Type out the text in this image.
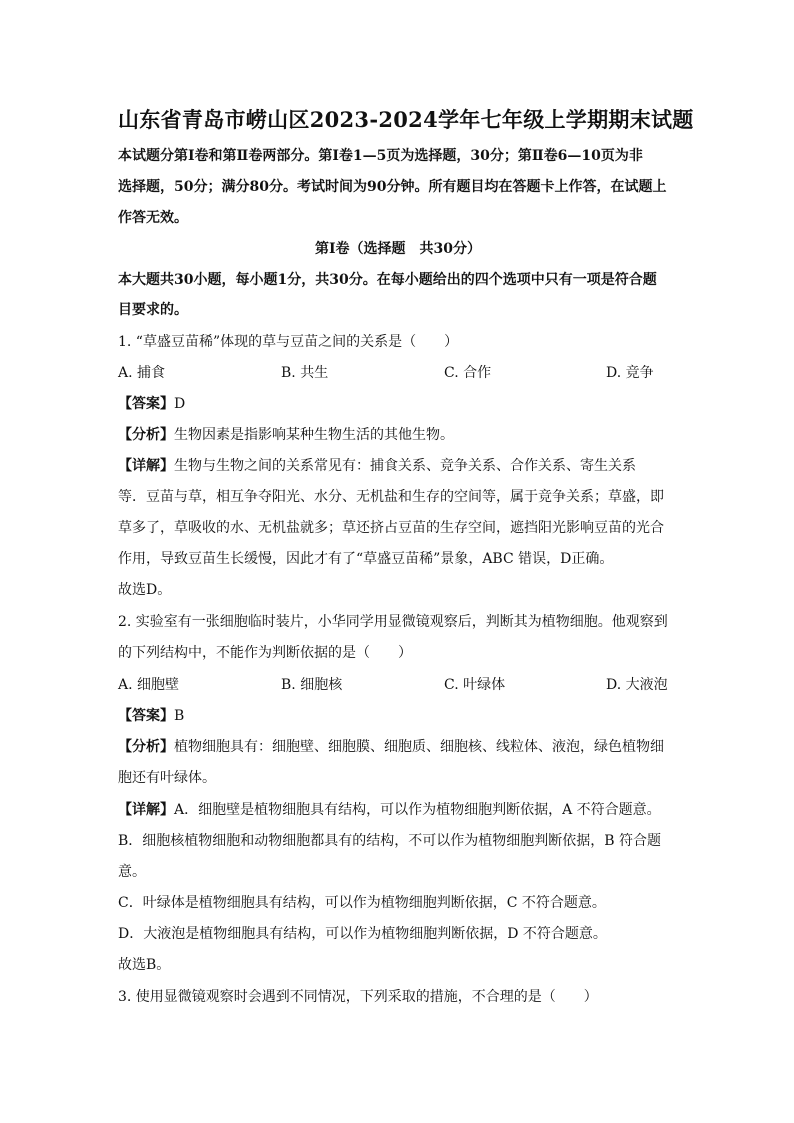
山东省青岛市崂山区2023-2024学年七年级上学期期末试题
本试题分第Ⅰ卷和第Ⅱ卷两部分。第Ⅰ卷1—5页为选择题，30分；第Ⅱ卷6—10页为非
选择题，50分；满分80分。考试时间为90分钟。所有题目均在答题卡上作答，在试题上
作答无效。
第Ⅰ卷（选择题　共30分）
本大题共30小题，每小题1分，共30分。在每小题给出的四个选项中只有一项是符合题
目要求的。
1. “草盛豆苗稀”体现的草与豆苗之间的关系是（　　）
A. 捕食	B. 共生	C. 合作	D. 竞争
【答案】D
【分析】生物因素是指影响某种生物生活的其他生物。
【详解】生物与生物之间的关系常见有：捕食关系、竞争关系、合作关系、寄生关系
等．豆苗与草，相互争夺阳光、水分、无机盐和生存的空间等，属于竞争关系；草盛，即
草多了，草吸收的水、无机盐就多；草还挤占豆苗的生存空间，遮挡阳光影响豆苗的光合
作用，导致豆苗生长缓慢，因此才有了“草盛豆苗稀”景象，ABC 错误，D正确。
故选D。
2. 实验室有一张细胞临时装片，小华同学用显微镜观察后，判断其为植物细胞。他观察到
的下列结构中，不能作为判断依据的是（　　）
A. 细胞壁	B. 细胞核	C. 叶绿体	D. 大液泡
【答案】B
【分析】植物细胞具有：细胞壁、细胞膜、细胞质、细胞核、线粒体、液泡，绿色植物细
胞还有叶绿体。
【详解】A．细胞壁是植物细胞具有结构，可以作为植物细胞判断依据，A 不符合题意。
B．细胞核植物细胞和动物细胞都具有的结构，不可以作为植物细胞判断依据，B 符合题
意。
C．叶绿体是植物细胞具有结构，可以作为植物细胞判断依据，C 不符合题意。
D．大液泡是植物细胞具有结构，可以作为植物细胞判断依据，D 不符合题意。
故选B。
3. 使用显微镜观察时会遇到不同情况，下列采取的措施，不合理的是（　　）
